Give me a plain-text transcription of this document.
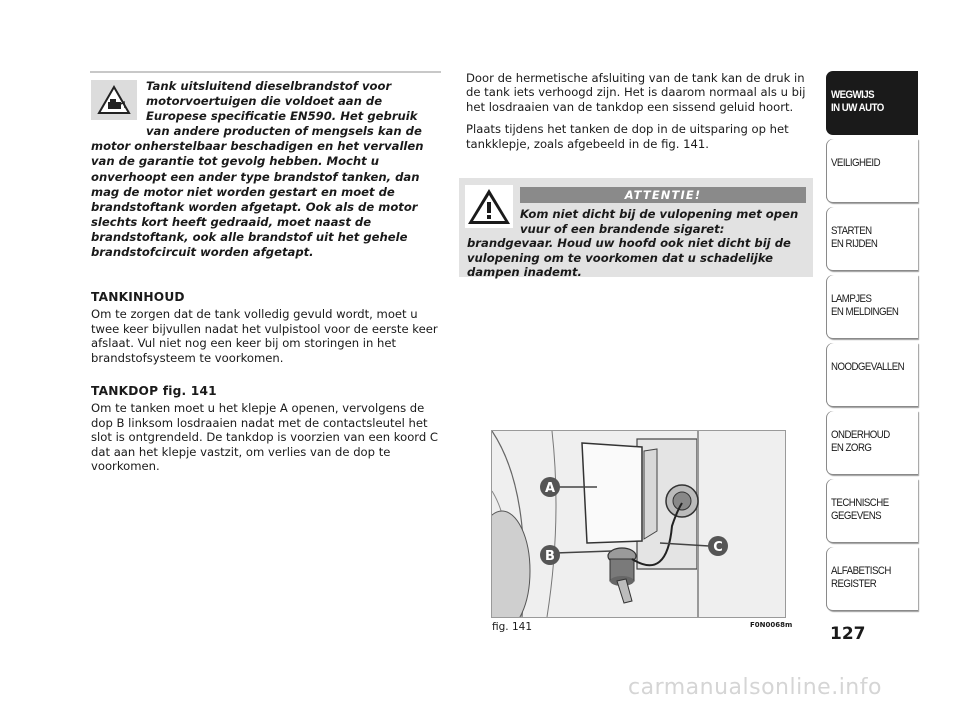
Tank uitsluitend dieselbrandstof voor motorvoertuigen die voldoet aan de Europese specificatie EN590. Het gebruik van andere producten of mengsels kan de motor onherstelbaar beschadigen en het vervallen van de garantie tot gevolg hebben. Mocht u onverhoopt een ander type brandstof tanken, dan mag de motor niet worden gestart en moet de brandstoftank worden afgetapt. Ook als de motor slechts kort heeft gedraaid, moet naast de brandstoftank, ook alle brandstof uit het gehele brandstofcircuit worden afgetapt.
TANKINHOUD

Om te zorgen dat de tank volledig gevuld wordt, moet u twee keer bijvullen nadat het vulpistool voor de eerste keer afslaat. Vul niet nog een keer bij om storingen in het brandstofsysteem te voorkomen.

TANKDOP fig. 141

Om te tanken moet u het klepje A openen, vervolgens de dop B linksom losdraaien nadat met de contactsleutel het slot is ontgrendeld. De tankdop is voorzien van een koord C dat aan het klepje vastzit, om verlies van de dop te voorkomen.

Door de hermetische afsluiting van de tank kan de druk in de tank iets verhoogd zijn. Het is daarom normaal als u bij het losdraaien van de tankdop een sissend geluid hoort.

Plaats tijdens het tanken de dop in de uitsparing op het tankklepje, zoals afgebeeld in de fig. 141.

ATTENTIE!
Kom niet dicht bij de vulopening met open vuur of een brandende sigaret: brandgevaar. Houd uw hoofd ook niet dicht bij de vulopening om te voorkomen dat u schadelijke dampen inademt.
A
B
C
fig. 141	F0N0068m 127
WEGWIJS
IN UW AUTO
VEILIGHEID
STARTEN
EN RIJDEN
LAMPJES
EN MELDINGEN
NOODGEVALLEN
ONDERHOUD
EN ZORG
TECHNISCHE
GEGEVENS
ALFABETISCH
REGISTER
carmanualsonline.info
